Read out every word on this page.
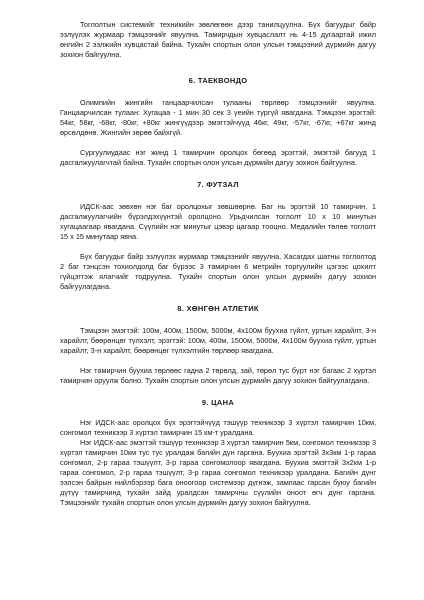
Тоглолтын системийг техникийн зөвлөгөөн дээр танилцуулна. Бүх багуудыг байр эзлүүлэх журмаар тэмцээнийг явуулна. Тамирчдын хувцаслалт нь 4-15 дугаартай ижил өнгийн 2 ээлжийн хувцастай байна. Тухайн спортын олон улсын тэмцээний дүрмийн дагуу зохион байгуулна.

6. ТАЕКВОНДО

Олимпийн жингийн ганцаарчилсан тулааны төрлөөр тэмцээнийг явуулна. Ганцаарчилсан тулаан: Хугацаа - 1 мин 30 сек 3 үеийн тургүй явагдана. Тэмцээн эрэгтэй: 54кг, 58кг, -68кг, -80кг, +80кг жингүүдээр эмэгтэйчүүд 46кг, 49кг, -57кг, -67кг, +67кг жинд өрсөлдөнө. Жингийн зөрөө байхгүй.

Сургуулиудаас нэг жинд 1 тамирчин оролцох бөгөөд эрэгтэй, эмэгтэй багууд 1 дасгалжуулагчтай байна. Тухайн спортын олон улсын дүрмийн дагуу зохион байгуулна.

7. ФУТЗАЛ

ИДСК-аас зөвхөн нэг баг оролцохыг зөвшөөрнө. Баг нь эрэгтэй 10 тамирчин, 1 дасгалжуулагчийн бүрэлдэхүүнтэй оролцоно. Урьдчилсан тоглолт 10 х 10 минутын хугацаагаар явагдана. Сүүлийн нэг минутыг цэвэр цагаар тооцно. Медалийн төлөө тоглолт 15 х 15 минутаар явна.

Бүх багуудыг байр эзлүүлэх журмаар тэмцээнийг явуулна. Хасагдах шатны тоглолтод 2 баг тэнцсэн тохиолдолд баг бүрээс 3 тамирчин 6 метрийн торгуулийн цэгээс цохилт гүйцэтгэж ялагчийг тодруулна. Тухайн спортын олон улсын дүрмийн дагуу зохион байгуулагдана.

8. ХӨНГӨН АТЛЕТИК

Тэмцээн эмэгтэй: 100м, 400м, 1500м, 5000м, 4х100м буухиа гүйлт, уртын харайлт, 3-н харайлт, бөөрөнцөг түлхэлт, эрэгтэй: 100м, 400м, 1500м, 5000м, 4х100м буухиа гүйлт, уртын харайлт, 3-н харайлт, бөөрөнцөг түлхэлтийн төрлөөр явагдана.

Нэг тамирчин буухиа төрлөөс гадна 2 төрөлд, зай, төрөл тус бүрт нэг багаас 2 хүртэл тамирчин оруулж болно. Тухайн спортын олон улсын дүрмийн дагуу зохион байгуулагдана.

9. ЦАНА

Нэг ИДСК-аас оролцох бүх эрэгтэйчүүд тэшүүр техникээр 3 хүртэл тамирчин 10км, сонгомол техникээр 3 хүртэл тамирчин 15 км-т уралдана.

Нэг ИДСК-аас эмэгтэй тэшүүр техникээр 3 хүртэл тамирчин 5км, сонгомол техникээр 3 хүртэл тамирчин 10км тус тус уралдаж багийн дүн гаргана. Буухиа эрэгтэй 3х3км 1-р гараа сонгомол, 2-р гараа тэшүүлт, 3-р гараа сонгомолоор явагдана. Буухиа эмэгтэй 3х2км 1-р гараа сонгомол, 2-р гараа тэшүүлт, 3-р гараа сонгомол техникээр уралдана. Багийн дүнг ээлсэн байрын нийлбэрээр бага оноогоор системээр дүгнэж, зампаас гарсан буюу багийн дүтүү тамирчинд тухайн зайд уралдсан тамирчны сүүлийн оноот өгч дүнг гаргана. Тэмцээнийг тухайн спортын олон улсын дүрмийн дагуу зохион байгуулна.
